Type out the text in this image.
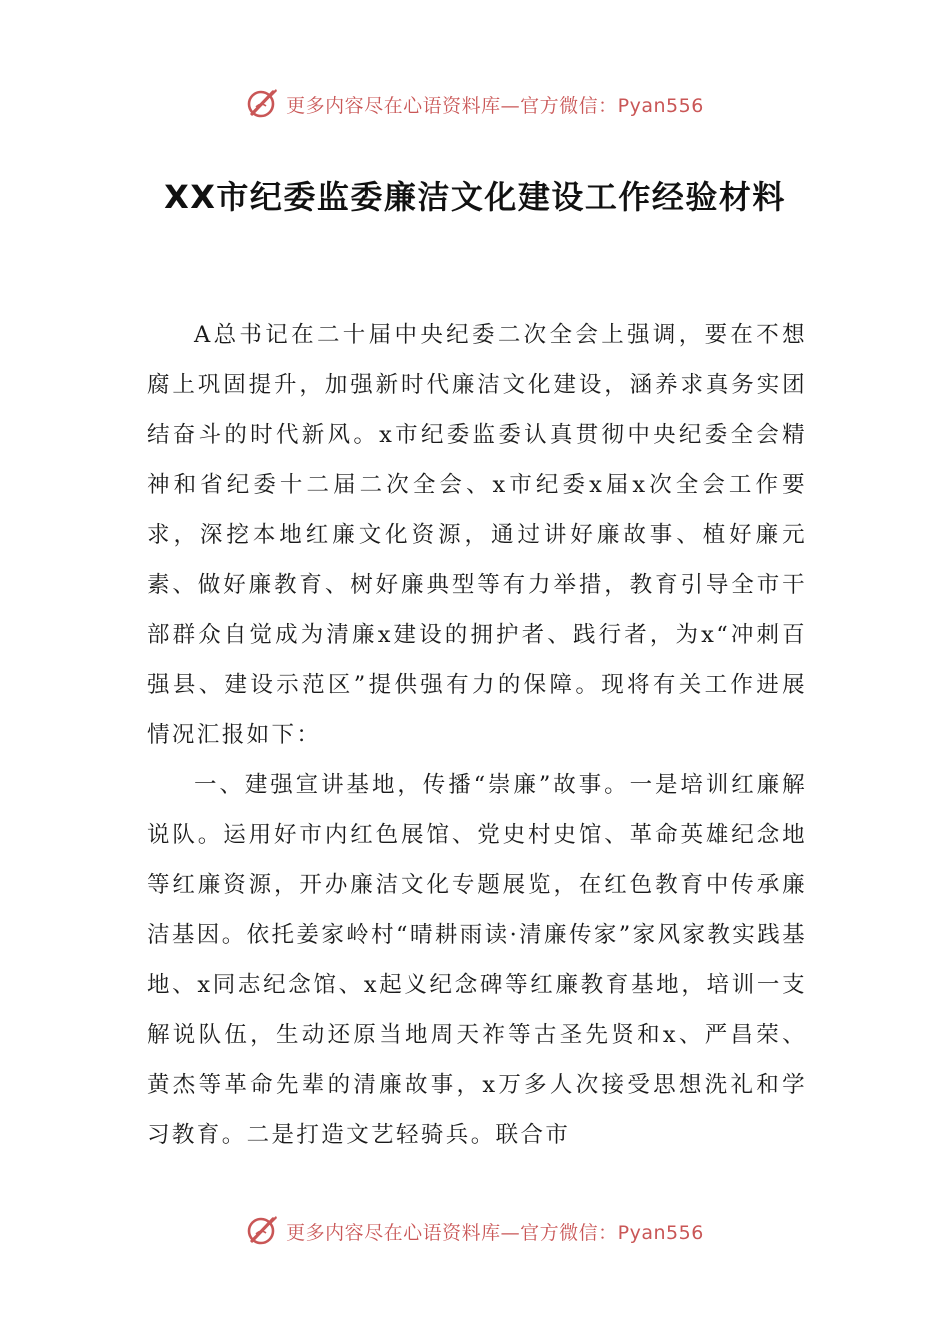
更多内容尽在心语资料库—官方微信：Pyan556
XX市纪委监委廉洁文化建设工作经验材料

A总书记在二十届中央纪委二次全会上强调，要在不想腐上巩固提升，加强新时代廉洁文化建设，涵养求真务实团结奋斗的时代新风。x市纪委监委认真贯彻中央纪委全会精神和省纪委十二届二次全会、x市纪委x届x次全会工作要求，深挖本地红廉文化资源，通过讲好廉故事、植好廉元素、做好廉教育、树好廉典型等有力举措，教育引导全市干部群众自觉成为清廉x建设的拥护者、践行者，为x“冲刺百强县、建设示范区”提供强有力的保障。现将有关工作进展情况汇报如下：

一、建强宣讲基地，传播“崇廉”故事。一是培训红廉解说队。运用好市内红色展馆、党史村史馆、革命英雄纪念地等红廉资源，开办廉洁文化专题展览，在红色教育中传承廉洁基因。依托姜家岭村“晴耕雨读·清廉传家”家风家教实践基地、x同志纪念馆、x起义纪念碑等红廉教育基地，培训一支解说队伍，生动还原当地周天祚等古圣先贤和x、严昌荣、黄杰等革命先辈的清廉故事，x万多人次接受思想洗礼和学习教育。二是打造文艺轻骑兵。联合市

更多内容尽在心语资料库—官方微信：Pyan556
